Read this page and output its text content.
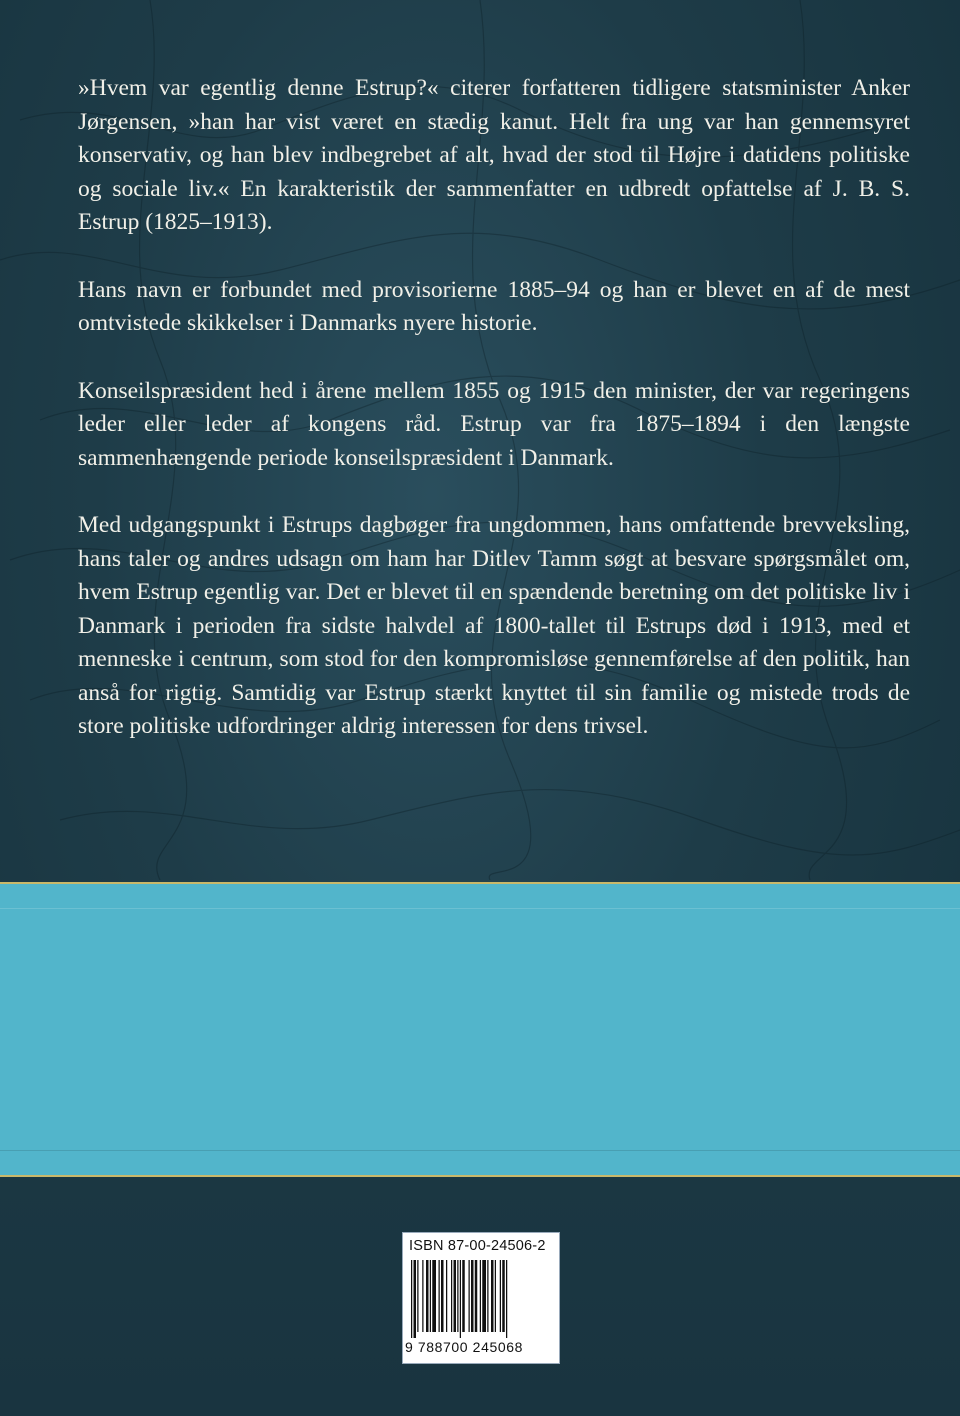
»Hvem var egentlig denne Estrup?« citerer forfatteren tidligere statsminister Anker Jørgensen, »han har vist været en stædig kanut. Helt fra ung var han gennemsyret konservativ, og han blev indbegrebet af alt, hvad der stod til Højre i datidens politiske og sociale liv.« En karakteristik der sammenfatter en udbredt opfattelse af J. B. S. Estrup (1825–1913).

Hans navn er forbundet med provisorierne 1885–94 og han er blevet en af de mest omtvistede skikkelser i Danmarks nyere historie.

Konseilspræsident hed i årene mellem 1855 og 1915 den minister, der var regeringens leder eller leder af kongens råd. Estrup var fra 1875–1894 i den længste sammenhængende periode konseilspræsident i Danmark.

Med udgangspunkt i Estrups dagbøger fra ungdommen, hans omfattende brevveksling, hans taler og andres udsagn om ham har Ditlev Tamm søgt at besvare spørgsmålet om, hvem Estrup egentlig var. Det er blevet til en spændende beretning om det politiske liv i Danmark i perioden fra sidste halvdel af 1800-tallet til Estrups død i 1913, med et menneske i centrum, som stod for den kompromisløse gennemførelse af den politik, han anså for rigtig. Samtidig var Estrup stærkt knyttet til sin familie og mistede trods de store politiske udfordringer aldrig interessen for dens trivsel.

ISBN 87-00-24506-2
9 788700 245068
